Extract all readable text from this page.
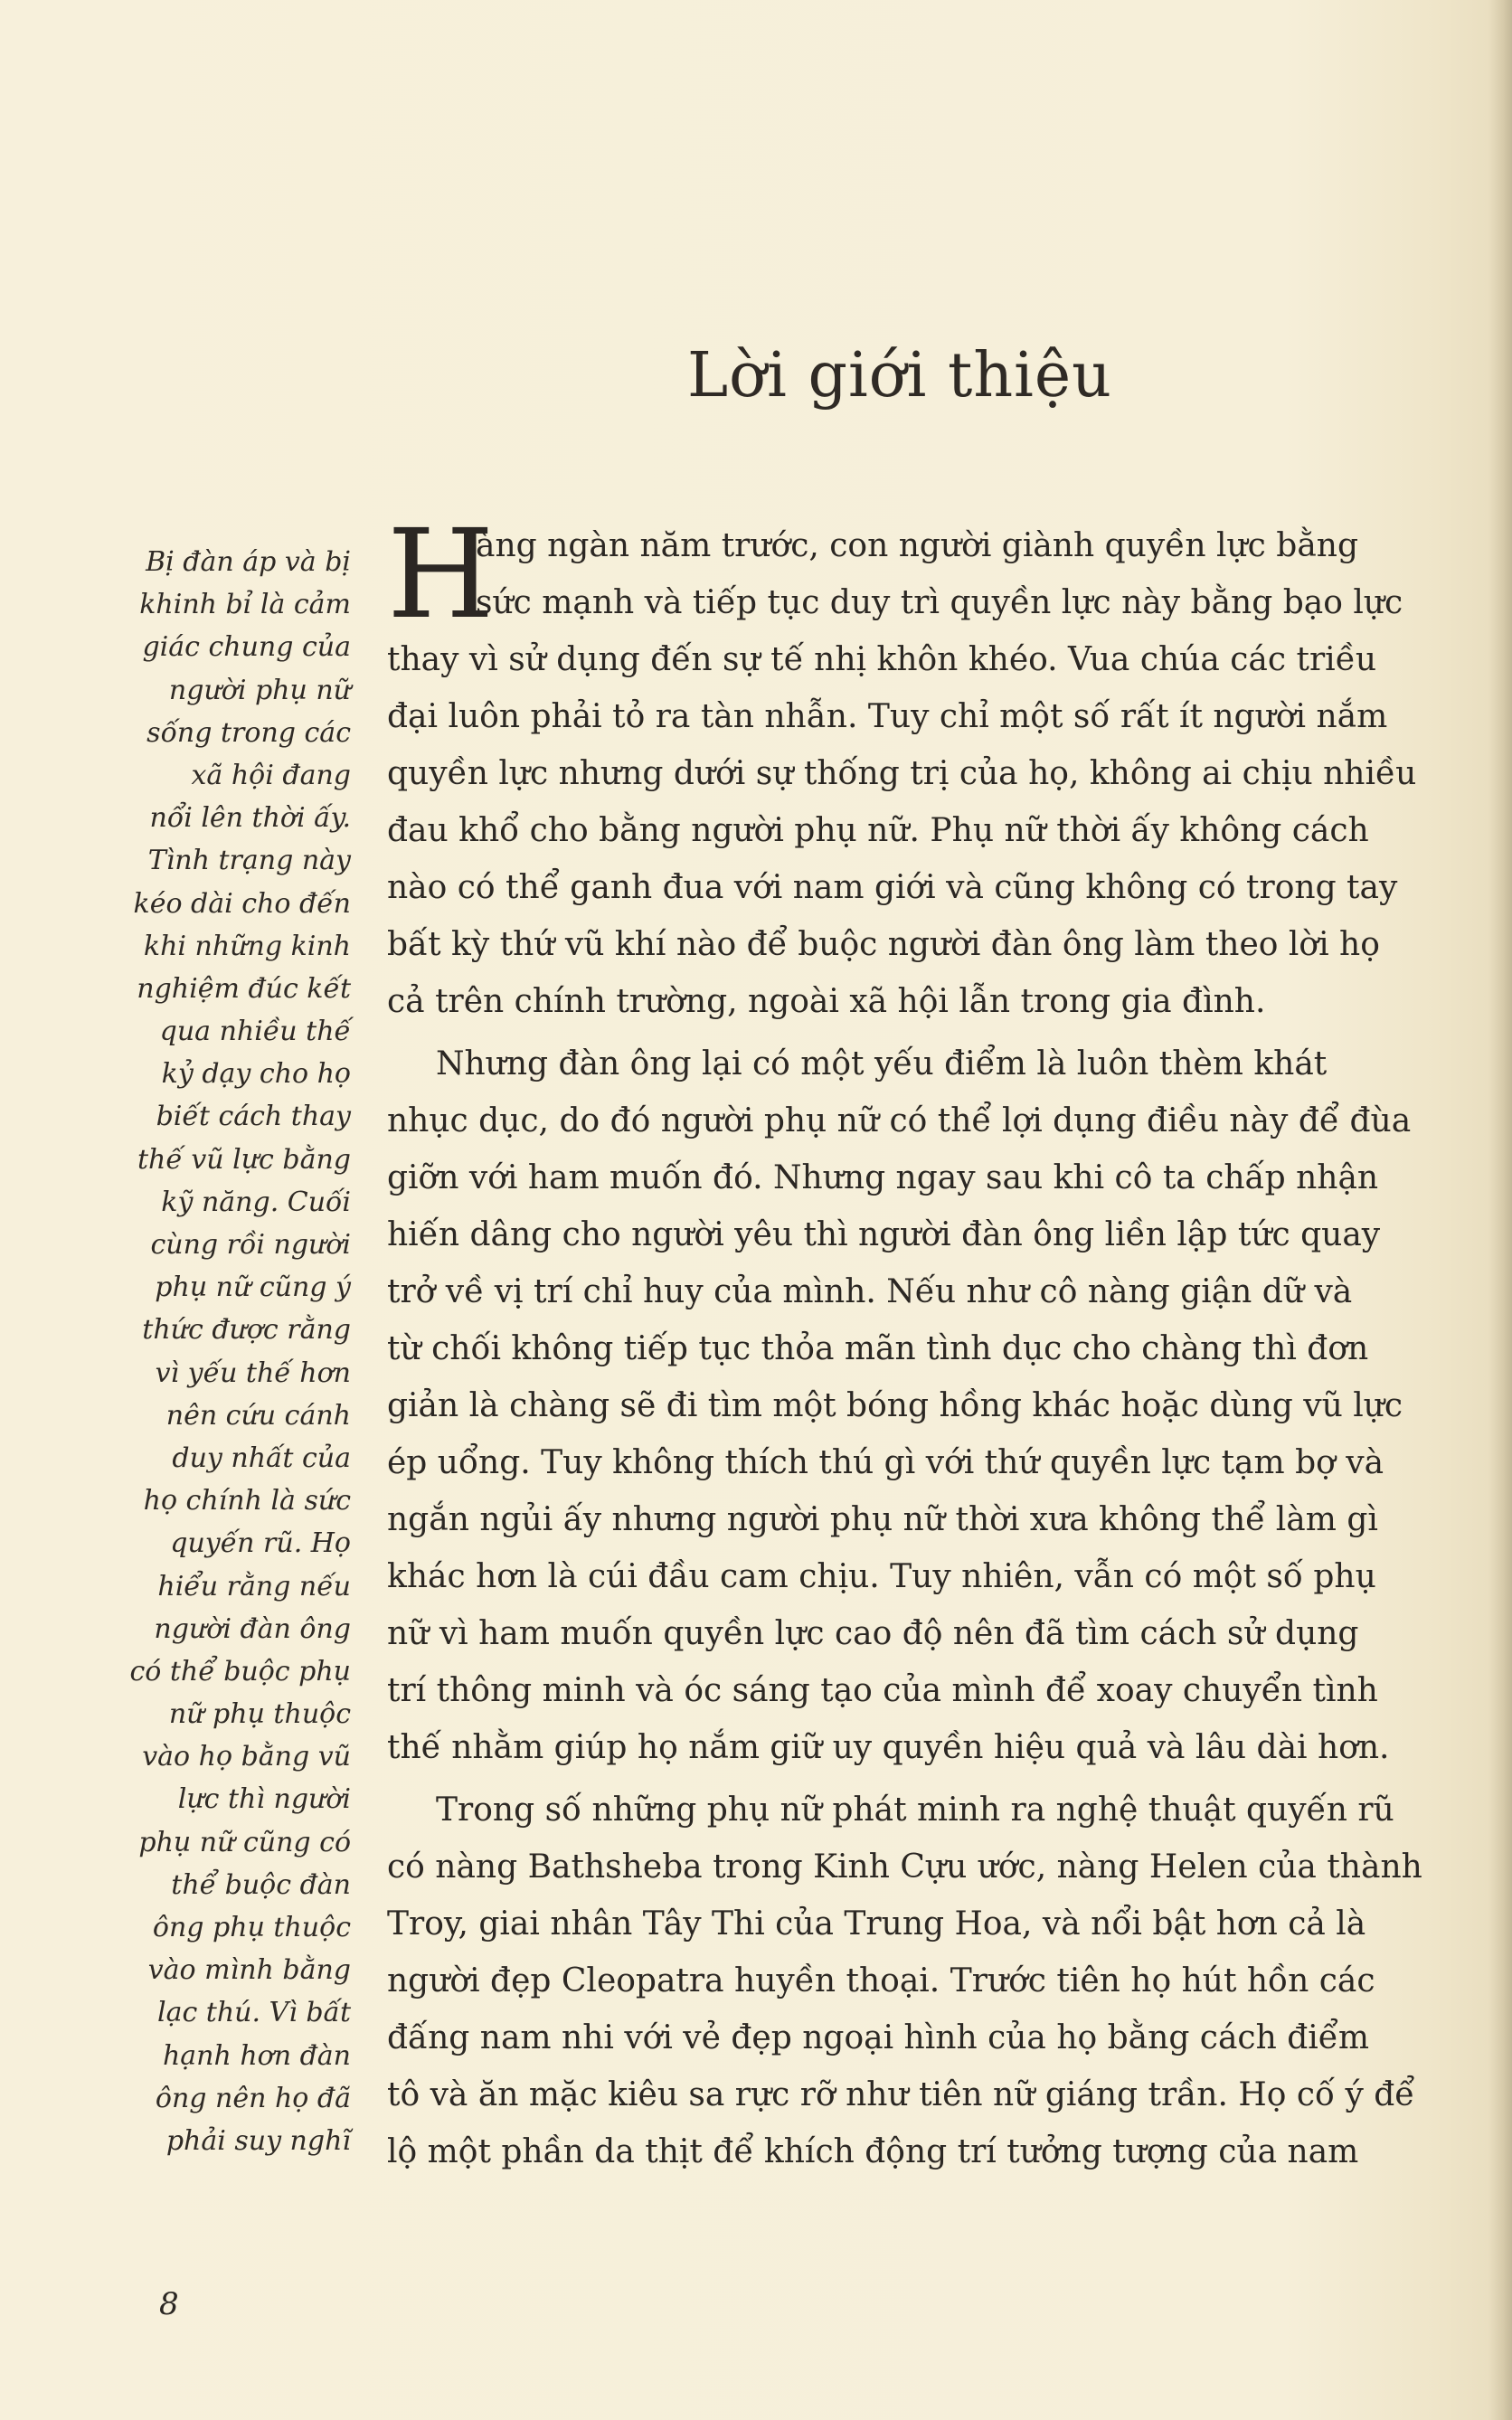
Lời giới thiệu
Bị đàn áp và bị
khinh bỉ là cảm
giác chung của
người phụ nữ
sống trong các
xã hội đang
nổi lên thời ấy.
Tình trạng này
kéo dài cho đến
khi những kinh
nghiệm đúc kết
qua nhiều thế
kỷ dạy cho họ
biết cách thay
thế vũ lực bằng
kỹ năng. Cuối
cùng rồi người
phụ nữ cũng ý
thức được rằng
vì yếu thế hơn
nên cứu cánh
duy nhất của
họ chính là sức
quyến rũ. Họ
hiểu rằng nếu
người đàn ông
có thể buộc phụ
nữ phụ thuộc
vào họ bằng vũ
lực thì người
phụ nữ cũng có
thể buộc đàn
ông phụ thuộc
vào mình bằng
lạc thú. Vì bất
hạnh hơn đàn
ông nên họ đã
phải suy nghĩ
H
àng ngàn năm trước, con người giành quyền lực bằng
sức mạnh và tiếp tục duy trì quyền lực này bằng bạo lực
thay vì sử dụng đến sự tế nhị khôn khéo. Vua chúa các triều
đại luôn phải tỏ ra tàn nhẫn. Tuy chỉ một số rất ít người nắm
quyền lực nhưng dưới sự thống trị của họ, không ai chịu nhiều
đau khổ cho bằng người phụ nữ. Phụ nữ thời ấy không cách
nào có thể ganh đua với nam giới và cũng không có trong tay
bất kỳ thứ vũ khí nào để buộc người đàn ông làm theo lời họ
cả trên chính trường, ngoài xã hội lẫn trong gia đình.
Nhưng đàn ông lại có một yếu điểm là luôn thèm khát
nhục dục, do đó người phụ nữ có thể lợi dụng điều này để đùa
giỡn với ham muốn đó. Nhưng ngay sau khi cô ta chấp nhận
hiến dâng cho người yêu thì người đàn ông liền lập tức quay
trở về vị trí chỉ huy của mình. Nếu như cô nàng giận dữ và
từ chối không tiếp tục thỏa mãn tình dục cho chàng thì đơn
giản là chàng sẽ đi tìm một bóng hồng khác hoặc dùng vũ lực
ép uổng. Tuy không thích thú gì với thứ quyền lực tạm bợ và
ngắn ngủi ấy nhưng người phụ nữ thời xưa không thể làm gì
khác hơn là cúi đầu cam chịu. Tuy nhiên, vẫn có một số phụ
nữ vì ham muốn quyền lực cao độ nên đã tìm cách sử dụng
trí thông minh và óc sáng tạo của mình để xoay chuyển tình
thế nhằm giúp họ nắm giữ uy quyền hiệu quả và lâu dài hơn.
Trong số những phụ nữ phát minh ra nghệ thuật quyến rũ
có nàng Bathsheba trong Kinh Cựu ước, nàng Helen của thành
Troy, giai nhân Tây Thi của Trung Hoa, và nổi bật hơn cả là
người đẹp Cleopatra huyền thoại. Trước tiên họ hút hồn các
đấng nam nhi với vẻ đẹp ngoại hình của họ bằng cách điểm
tô và ăn mặc kiêu sa rực rỡ như tiên nữ giáng trần. Họ cố ý để
lộ một phần da thịt để khích động trí tưởng tượng của nam
8
